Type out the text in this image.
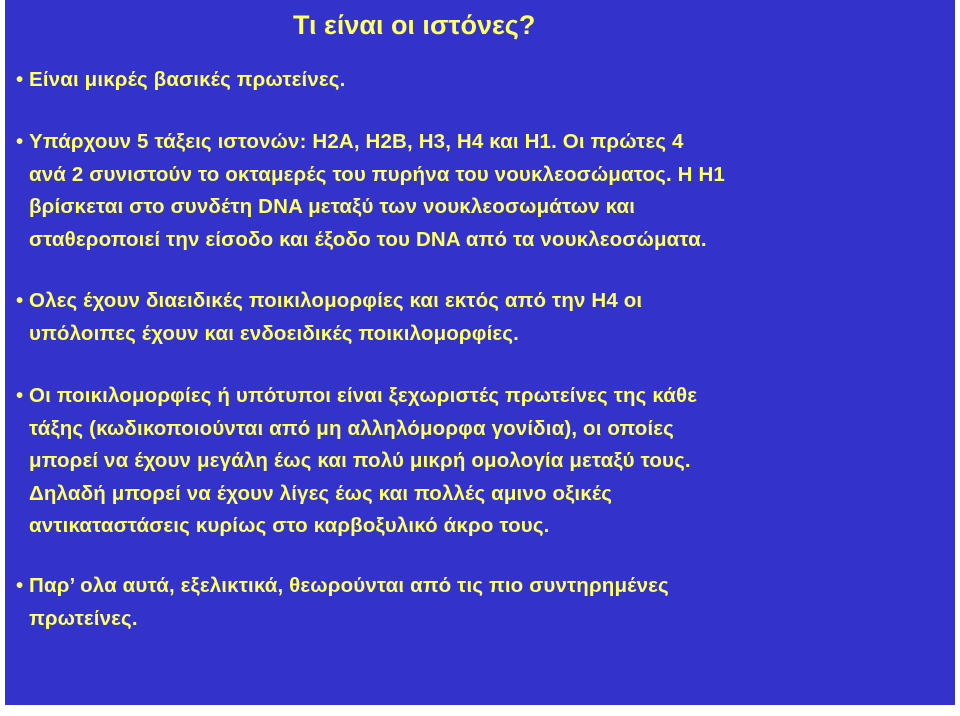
Τι είναι οι ιστόνες?
• Είναι μικρές βασικές πρωτείνες.
• Υπάρχουν 5 τάξεις ιστονών: Η2Α, Η2Β, Η3, Η4 και Η1. Οι πρώτες 4
ανά 2 συνιστούν το οκταμερές του πυρήνα του νουκλεοσώματος. Η Η1
βρίσκεται στο συνδέτη DNA μεταξύ των νουκλεοσωμάτων και
σταθεροποιεί την είσοδο και έξοδο του DNA από τα νουκλεοσώματα.
• Ολες έχουν διαειδικές ποικιλομορφίες και εκτός από την Η4 οι
υπόλοιπες έχουν και ενδοειδικές ποικιλομορφίες.
• Οι ποικιλομορφίες ή υπότυποι είναι ξεχωριστές πρωτείνες της κάθε
τάξης (κωδικοποιούνται από μη αλληλόμορφα γονίδια), οι οποίες
μπορεί να έχουν μεγάλη έως και πολύ μικρή ομολογία μεταξύ τους.
Δηλαδή μπορεί να έχουν λίγες έως και πολλές αμινο οξικές
αντικαταστάσεις κυρίως στο καρβοξυλικό άκρο τους.
• Παρ’ ολα αυτά, εξελικτικά, θεωρούνται από τις πιο συντηρημένες
πρωτείνες.
